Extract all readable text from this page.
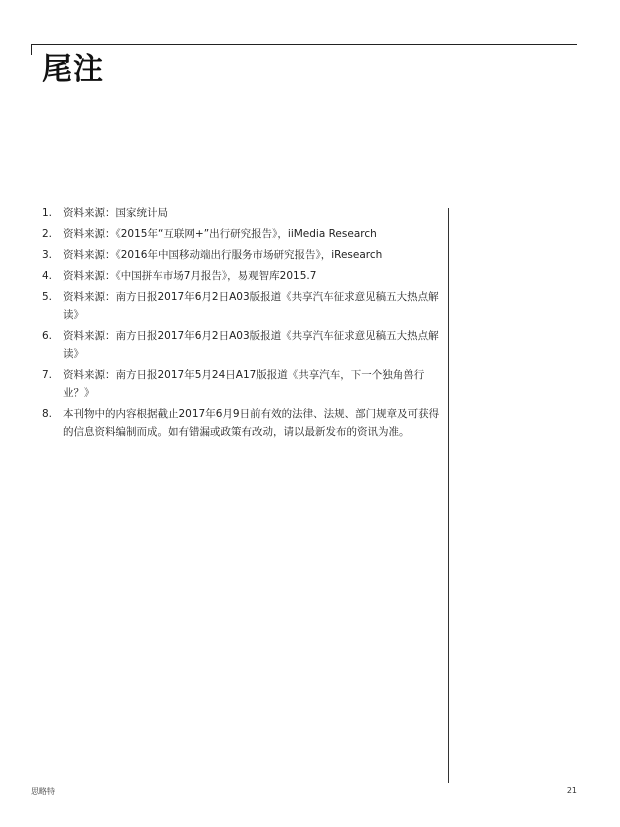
尾注
1. 资料来源：国家统计局
2. 资料来源：《2015年“互联网+”出行研究报告》，iiMedia Research
3. 资料来源：《2016年中国移动端出行服务市场研究报告》，iResearch
4. 资料来源：《中国拼车市场7月报告》，易观智库2015.7
5. 资料来源：南方日报2017年6月2日A03版报道《共享汽车征求意见稿五大热点解读》
6. 资料来源：南方日报2017年6月2日A03版报道《共享汽车征求意见稿五大热点解读》
7. 资料来源：南方日报2017年5月24日A17版报道《共享汽车，下一个独角兽行业？》
8. 本刊物中的内容根据截止2017年6月9日前有效的法律、法规、部门规章及可获得的信息资料编制而成。如有错漏或政策有改动，请以最新发布的资讯为准。
思略特	21
